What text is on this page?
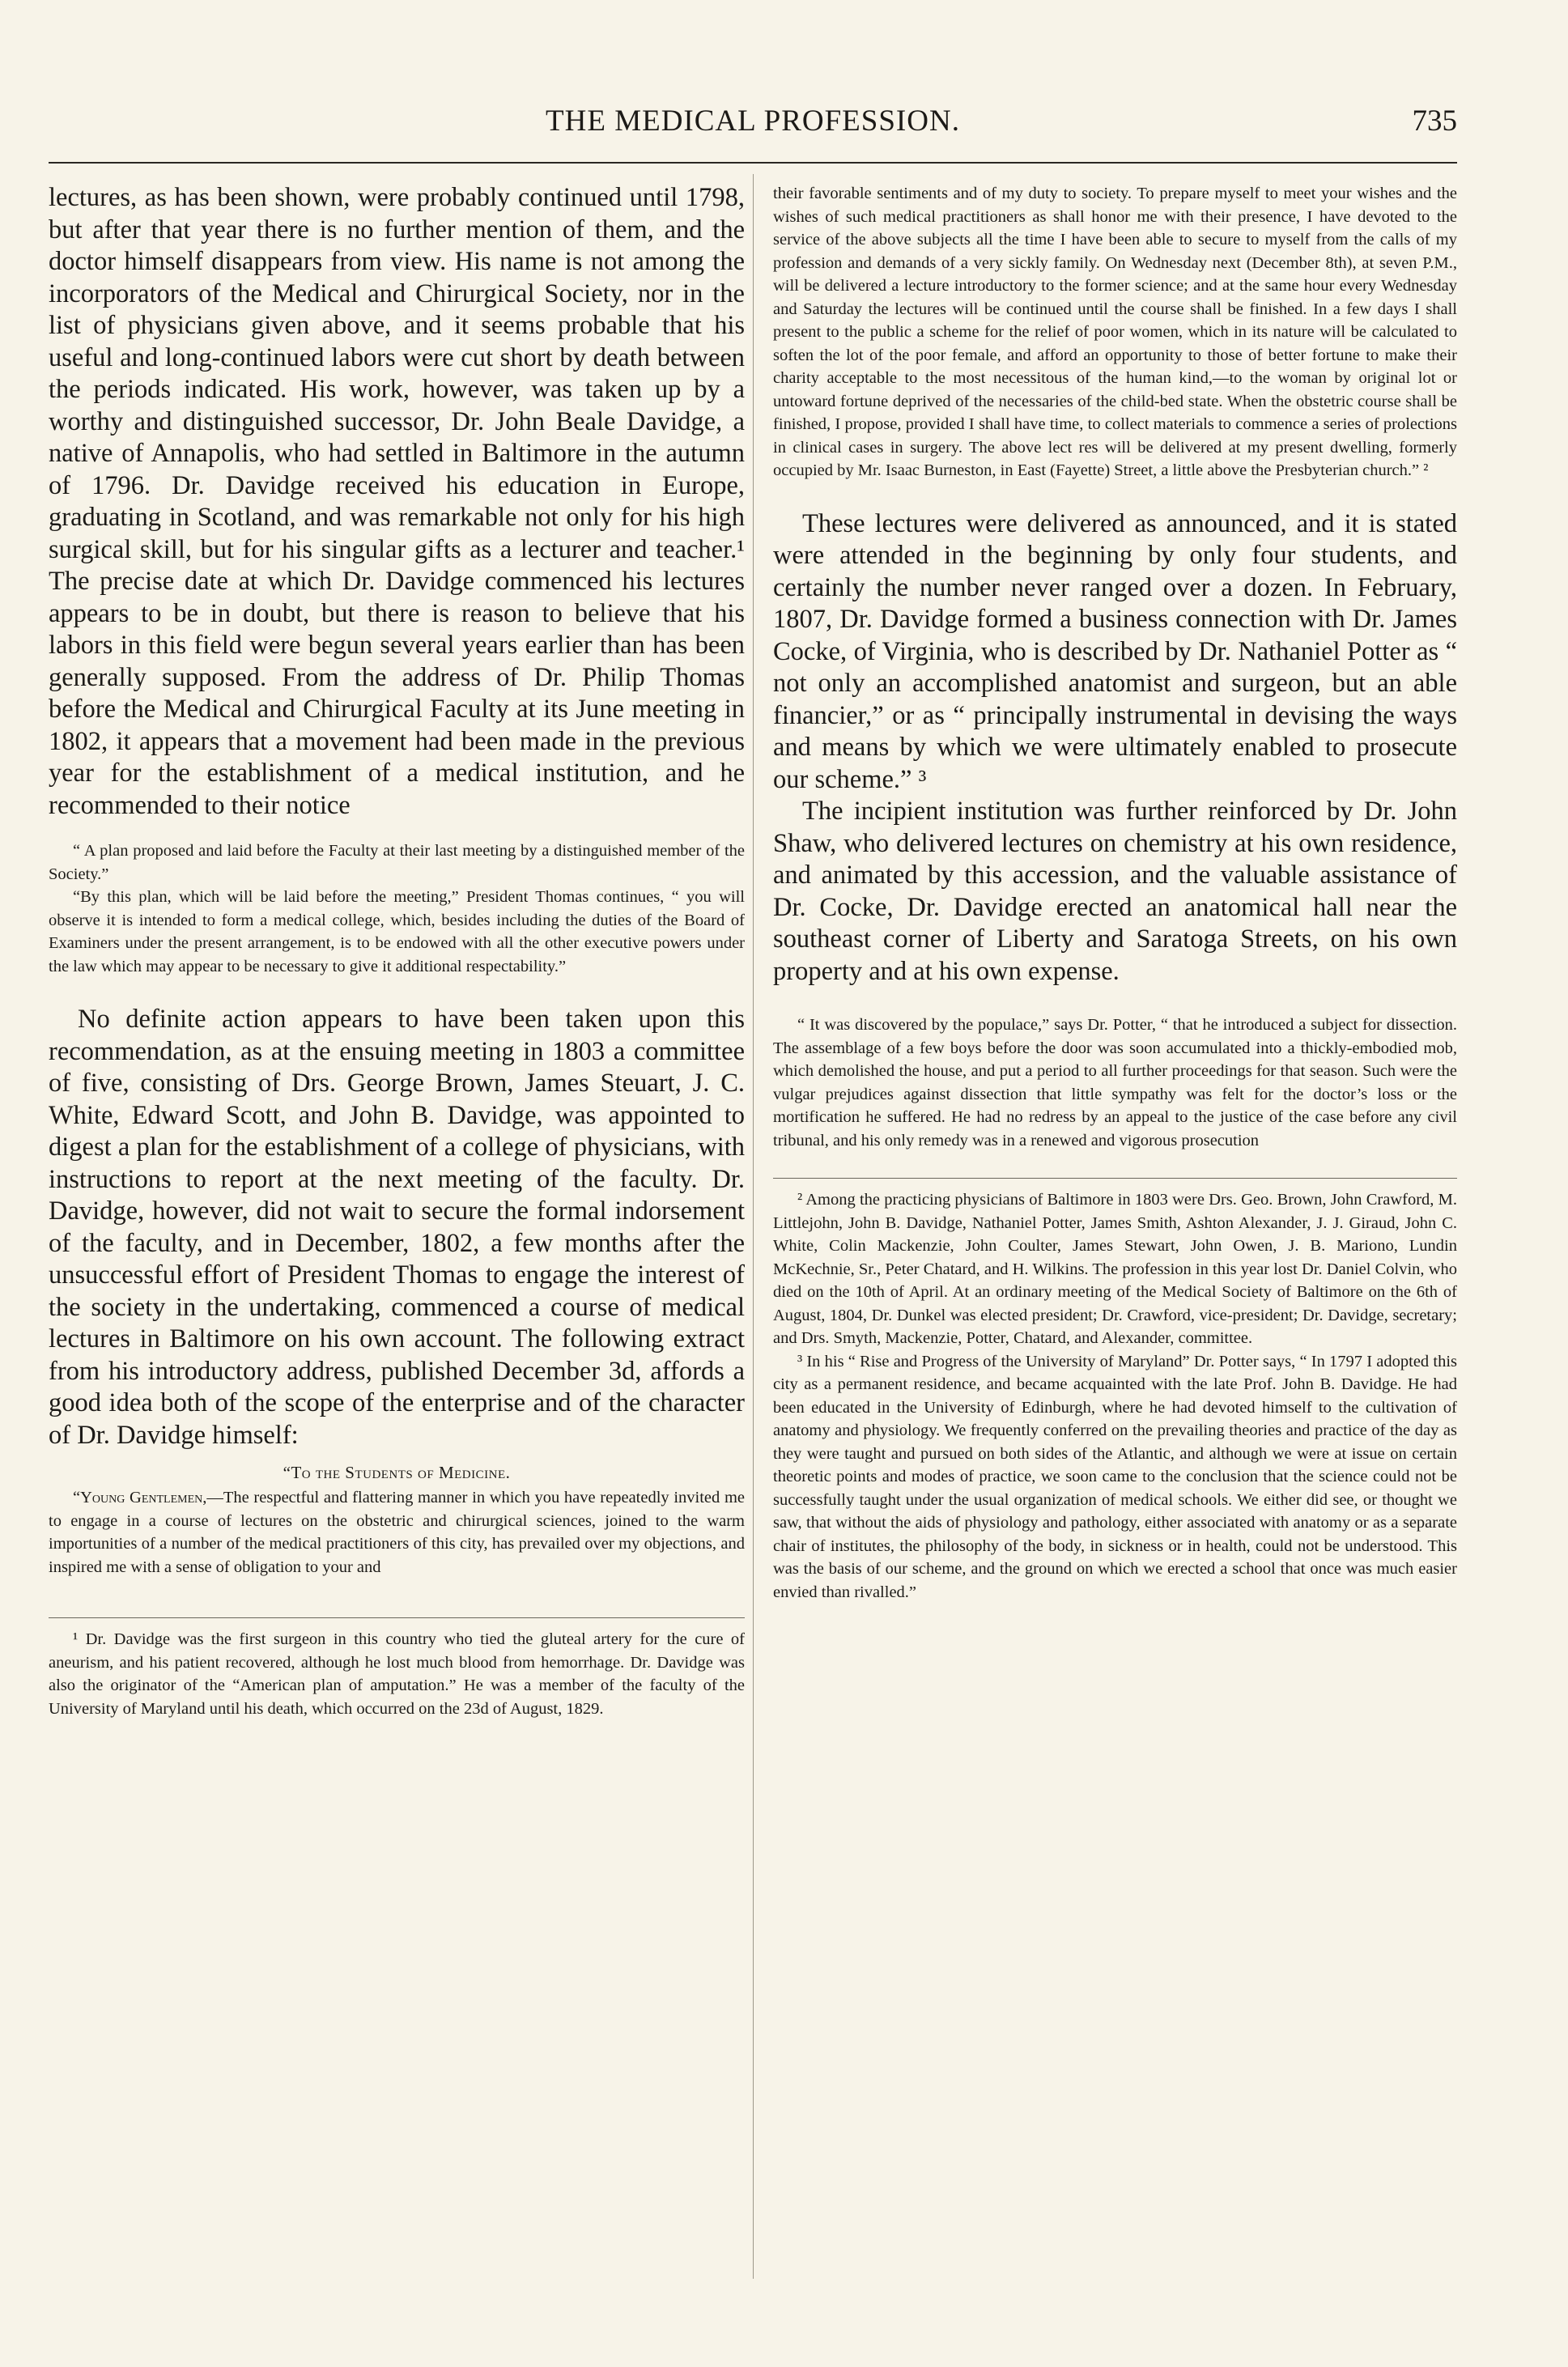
THE MEDICAL PROFESSION.	735

lectures, as has been shown, were probably continued until 1798, but after that year there is no further mention of them, and the doctor himself disappears from view. His name is not among the incorporators of the Medical and Chirurgical Society, nor in the list of physicians given above, and it seems probable that his useful and long-continued labors were cut short by death between the periods indicated. His work, however, was taken up by a worthy and distinguished successor, Dr. John Beale Davidge, a native of Annapolis, who had settled in Baltimore in the autumn of 1796. Dr. Davidge received his education in Europe, graduating in Scotland, and was remarkable not only for his high surgical skill, but for his singular gifts as a lecturer and teacher.¹ The precise date at which Dr. Davidge commenced his lectures appears to be in doubt, but there is reason to believe that his labors in this field were begun several years earlier than has been generally supposed. From the address of Dr. Philip Thomas before the Medical and Chirurgical Faculty at its June meeting in 1802, it appears that a movement had been made in the previous year for the establishment of a medical institution, and he recommended to their notice

“ A plan proposed and laid before the Faculty at their last meeting by a distinguished member of the Society.”

“By this plan, which will be laid before the meeting,” President Thomas continues, “ you will observe it is intended to form a medical college, which, besides including the duties of the Board of Examiners under the present arrangement, is to be endowed with all the other executive powers under the law which may appear to be necessary to give it additional respectability.”

No definite action appears to have been taken upon this recommendation, as at the ensuing meeting in 1803 a committee of five, consisting of Drs. George Brown, James Steuart, J. C. White, Edward Scott, and John B. Davidge, was appointed to digest a plan for the establishment of a college of physicians, with instructions to report at the next meeting of the faculty. Dr. Davidge, however, did not wait to secure the formal indorsement of the faculty, and in December, 1802, a few months after the unsuccessful effort of President Thomas to engage the interest of the society in the undertaking, commenced a course of medical lectures in Baltimore on his own account. The following extract from his introductory address, published December 3d, affords a good idea both of the scope of the enterprise and of the character of Dr. Davidge himself:

“To the Students of Medicine.

“Young Gentlemen,—The respectful and flattering manner in which you have repeatedly invited me to engage in a course of lectures on the obstetric and chirurgical sciences, joined to the warm importunities of a number of the medical practitioners of this city, has prevailed over my objections, and inspired me with a sense of obligation to your and

¹ Dr. Davidge was the first surgeon in this country who tied the gluteal artery for the cure of aneurism, and his patient recovered, although he lost much blood from hemorrhage. Dr. Davidge was also the originator of the “American plan of amputation.” He was a member of the faculty of the University of Maryland until his death, which occurred on the 23d of August, 1829.

their favorable sentiments and of my duty to society. To prepare myself to meet your wishes and the wishes of such medical practitioners as shall honor me with their presence, I have devoted to the service of the above subjects all the time I have been able to secure to myself from the calls of my profession and demands of a very sickly family. On Wednesday next (December 8th), at seven P.M., will be delivered a lecture introductory to the former science; and at the same hour every Wednesday and Saturday the lectures will be continued until the course shall be finished. In a few days I shall present to the public a scheme for the relief of poor women, which in its nature will be calculated to soften the lot of the poor female, and afford an opportunity to those of better fortune to make their charity acceptable to the most necessitous of the human kind,—to the woman by original lot or untoward fortune deprived of the necessaries of the child-bed state. When the obstetric course shall be finished, I propose, provided I shall have time, to collect materials to commence a series of prolections in clinical cases in surgery. The above lect res will be delivered at my present dwelling, formerly occupied by Mr. Isaac Burneston, in East (Fayette) Street, a little above the Presbyterian church.” ²

These lectures were delivered as announced, and it is stated were attended in the beginning by only four students, and certainly the number never ranged over a dozen. In February, 1807, Dr. Davidge formed a business connection with Dr. James Cocke, of Virginia, who is described by Dr. Nathaniel Potter as “ not only an accomplished anatomist and surgeon, but an able financier,” or as “ principally instrumental in devising the ways and means by which we were ultimately enabled to prosecute our scheme.” ³

The incipient institution was further reinforced by Dr. John Shaw, who delivered lectures on chemistry at his own residence, and animated by this accession, and the valuable assistance of Dr. Cocke, Dr. Davidge erected an anatomical hall near the southeast corner of Liberty and Saratoga Streets, on his own property and at his own expense.

“ It was discovered by the populace,” says Dr. Potter, “ that he introduced a subject for dissection. The assemblage of a few boys before the door was soon accumulated into a thickly-embodied mob, which demolished the house, and put a period to all further proceedings for that season. Such were the vulgar prejudices against dissection that little sympathy was felt for the doctor’s loss or the mortification he suffered. He had no redress by an appeal to the justice of the case before any civil tribunal, and his only remedy was in a renewed and vigorous prosecution

² Among the practicing physicians of Baltimore in 1803 were Drs. Geo. Brown, John Crawford, M. Littlejohn, John B. Davidge, Nathaniel Potter, James Smith, Ashton Alexander, J. J. Giraud, John C. White, Colin Mackenzie, John Coulter, James Stewart, John Owen, J. B. Mariono, Lundin McKechnie, Sr., Peter Chatard, and H. Wilkins. The profession in this year lost Dr. Daniel Colvin, who died on the 10th of April. At an ordinary meeting of the Medical Society of Baltimore on the 6th of August, 1804, Dr. Dunkel was elected president; Dr. Crawford, vice-president; Dr. Davidge, secretary; and Drs. Smyth, Mackenzie, Potter, Chatard, and Alexander, committee.

³ In his “ Rise and Progress of the University of Maryland” Dr. Potter says, “ In 1797 I adopted this city as a permanent residence, and became acquainted with the late Prof. John B. Davidge. He had been educated in the University of Edinburgh, where he had devoted himself to the cultivation of anatomy and physiology. We frequently conferred on the prevailing theories and practice of the day as they were taught and pursued on both sides of the Atlantic, and although we were at issue on certain theoretic points and modes of practice, we soon came to the conclusion that the science could not be successfully taught under the usual organization of medical schools. We either did see, or thought we saw, that without the aids of physiology and pathology, either associated with anatomy or as a separate chair of institutes, the philosophy of the body, in sickness or in health, could not be understood. This was the basis of our scheme, and the ground on which we erected a school that once was much easier envied than rivalled.”
